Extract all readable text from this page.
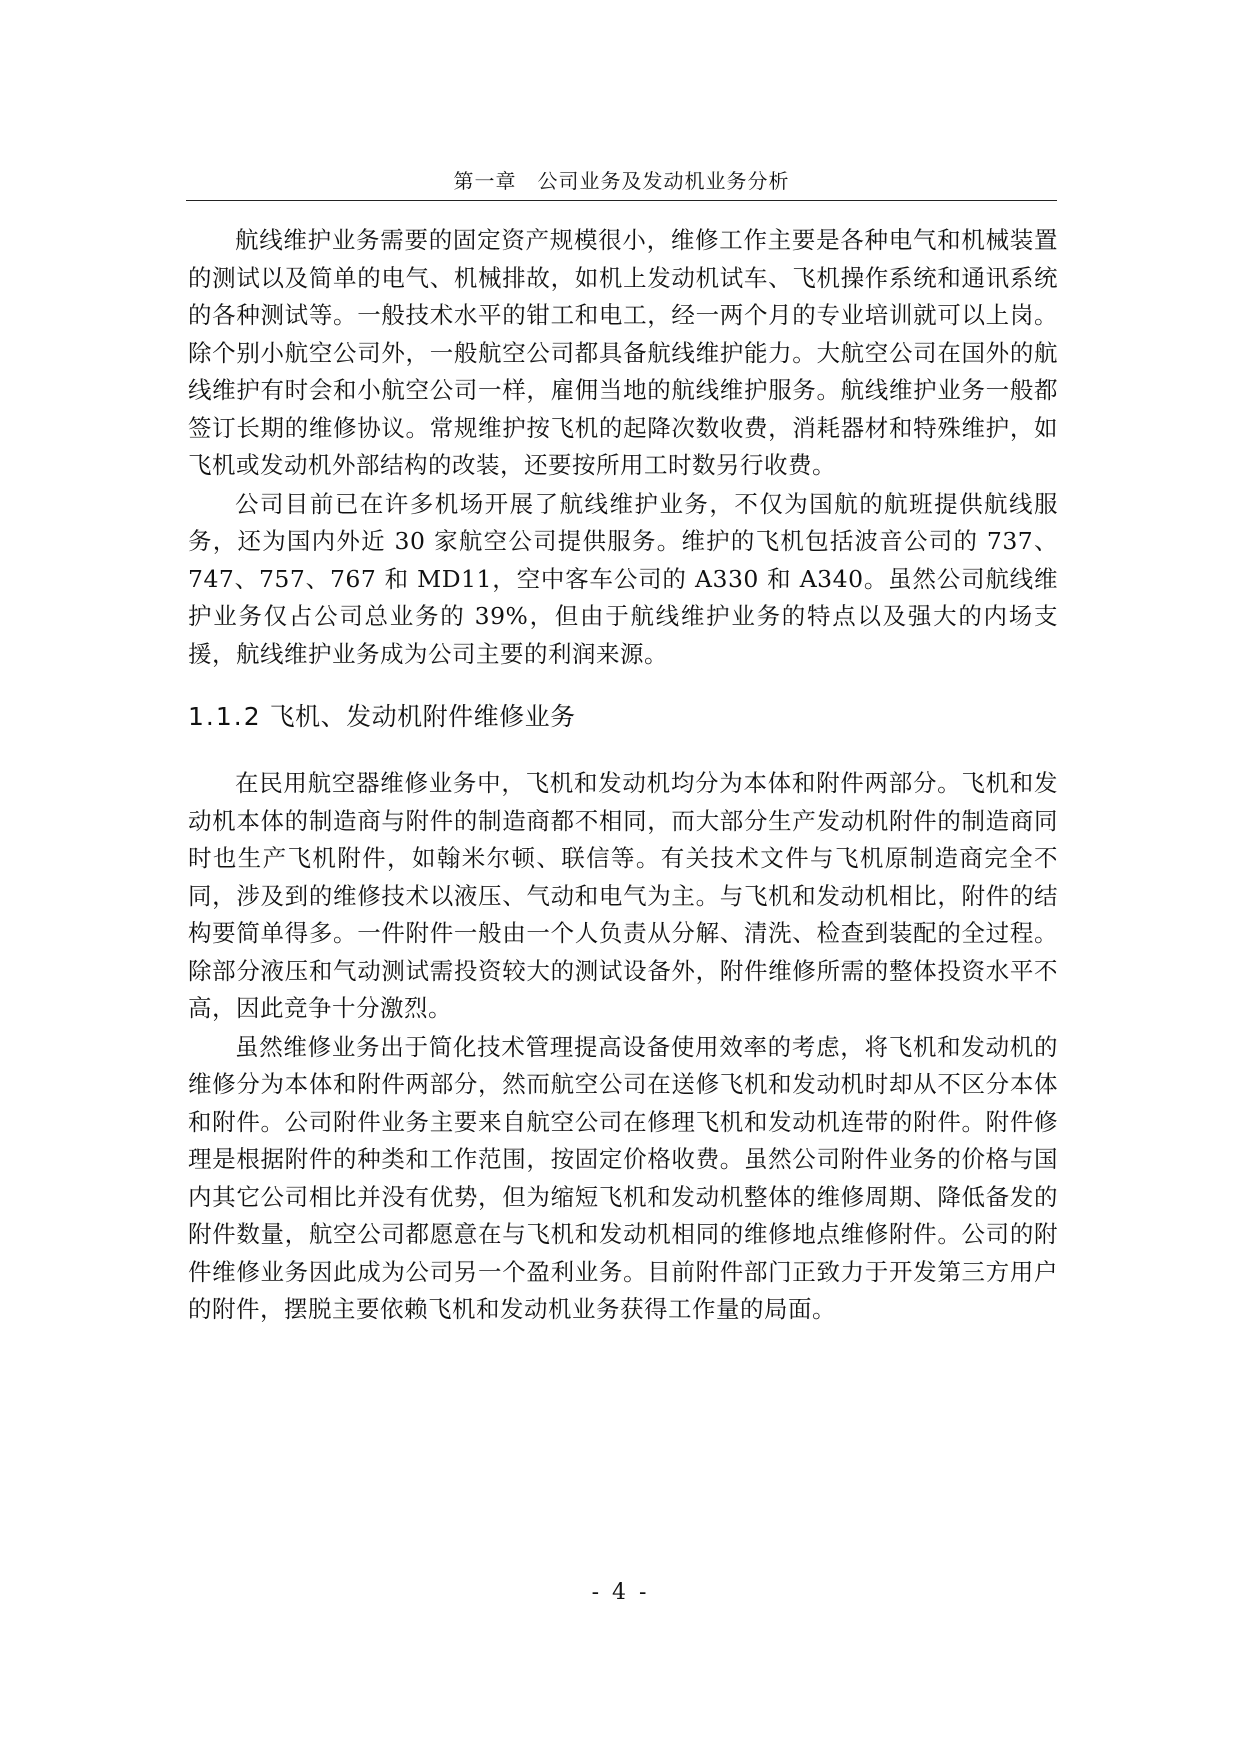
第一章　公司业务及发动机业务分析

航线维护业务需要的固定资产规模很小，维修工作主要是各种电气和机械装置的测试以及简单的电气、机械排故，如机上发动机试车、飞机操作系统和通讯系统的各种测试等。一般技术水平的钳工和电工，经一两个月的专业培训就可以上岗。除个别小航空公司外，一般航空公司都具备航线维护能力。大航空公司在国外的航线维护有时会和小航空公司一样，雇佣当地的航线维护服务。航线维护业务一般都签订长期的维修协议。常规维护按飞机的起降次数收费，消耗器材和特殊维护，如飞机或发动机外部结构的改装，还要按所用工时数另行收费。

公司目前已在许多机场开展了航线维护业务，不仅为国航的航班提供航线服务，还为国内外近 30 家航空公司提供服务。维护的飞机包括波音公司的 737、747、757、767 和 MD11，空中客车公司的 A330 和 A340。虽然公司航线维护业务仅占公司总业务的 39%，但由于航线维护业务的特点以及强大的内场支援，航线维护业务成为公司主要的利润来源。

1.1.2 飞机、发动机附件维修业务

在民用航空器维修业务中，飞机和发动机均分为本体和附件两部分。飞机和发动机本体的制造商与附件的制造商都不相同，而大部分生产发动机附件的制造商同时也生产飞机附件，如翰米尔顿、联信等。有关技术文件与飞机原制造商完全不同，涉及到的维修技术以液压、气动和电气为主。与飞机和发动机相比，附件的结构要简单得多。一件附件一般由一个人负责从分解、清洗、检查到装配的全过程。除部分液压和气动测试需投资较大的测试设备外，附件维修所需的整体投资水平不高，因此竞争十分激烈。

虽然维修业务出于简化技术管理提高设备使用效率的考虑，将飞机和发动机的维修分为本体和附件两部分，然而航空公司在送修飞机和发动机时却从不区分本体和附件。公司附件业务主要来自航空公司在修理飞机和发动机连带的附件。附件修理是根据附件的种类和工作范围，按固定价格收费。虽然公司附件业务的价格与国内其它公司相比并没有优势，但为缩短飞机和发动机整体的维修周期、降低备发的附件数量，航空公司都愿意在与飞机和发动机相同的维修地点维修附件。公司的附件维修业务因此成为公司另一个盈利业务。目前附件部门正致力于开发第三方用户的附件，摆脱主要依赖飞机和发动机业务获得工作量的局面。

- 4 -
